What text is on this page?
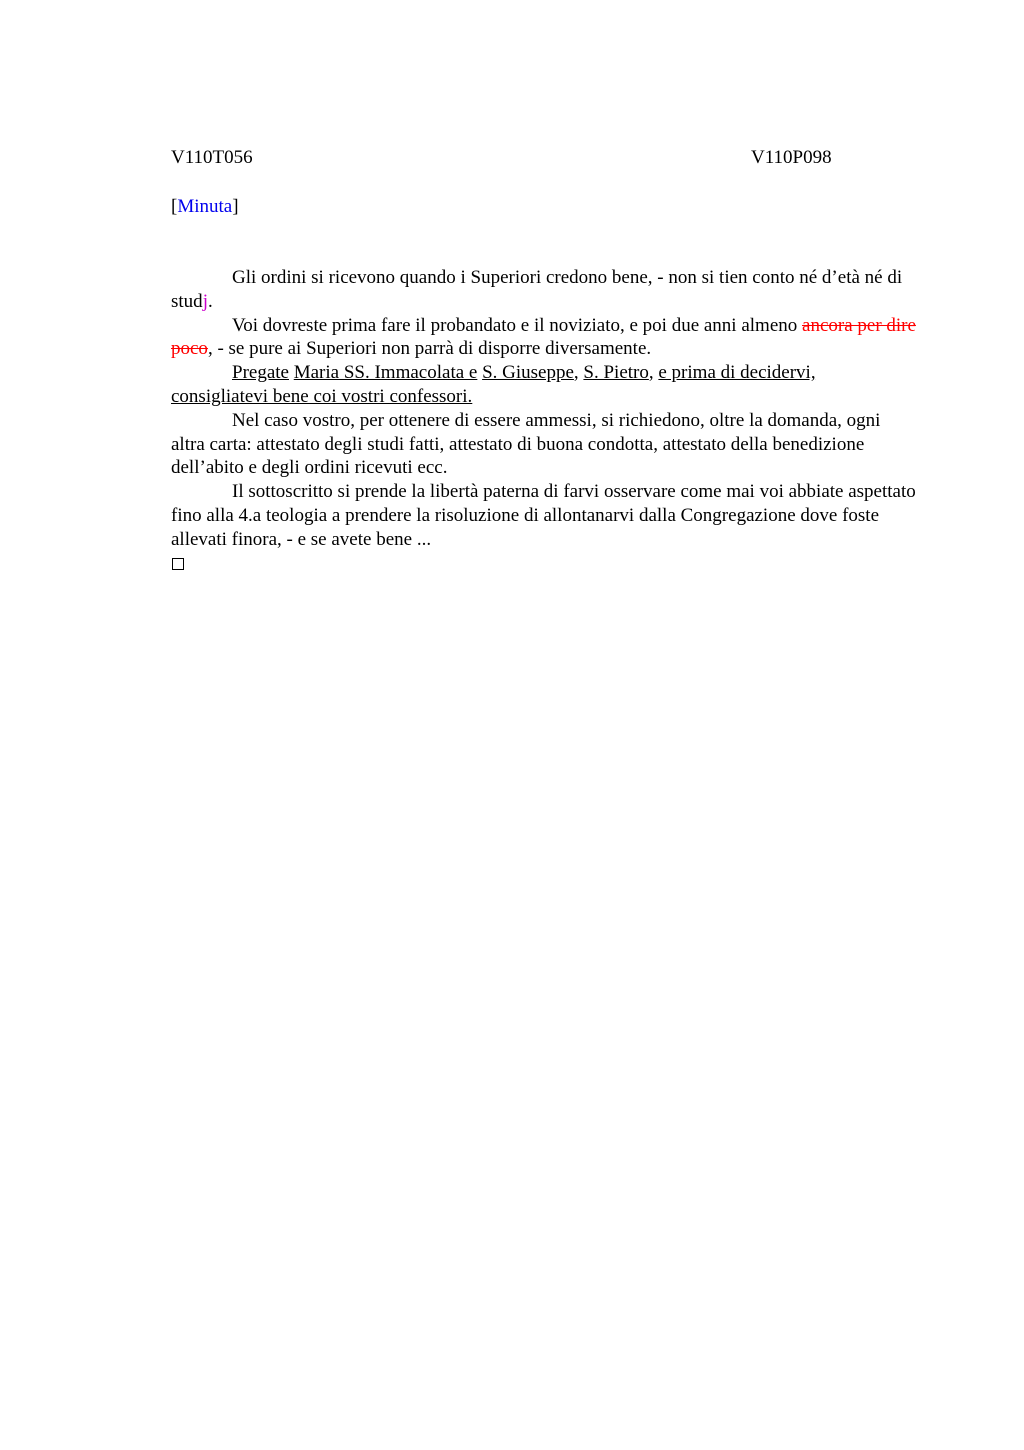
V110T056	V110P098
[Minuta]

Gli ordini si ricevono quando i Superiori credono bene, - non si tien conto né d’età né di studj.

Voi dovreste prima fare il probandato e il noviziato, e poi due anni almeno ancora per dire poco, - se pure ai Superiori non parrà di disporre diversamente.

Pregate Maria SS. Immacolata e S. Giuseppe, S. Pietro, e prima di decidervi, consigliatevi bene coi vostri confessori.

Nel caso vostro, per ottenere di essere ammessi, si richiedono, oltre la domanda, ogni altra carta: attestato degli studi fatti, attestato di buona condotta, attestato della benedizione dell’abito e degli ordini ricevuti ecc.

Il sottoscritto si prende la libertà paterna di farvi osservare come mai voi abbiate aspettato fino alla 4.a teologia a prendere la risoluzione di allontanarvi dalla Congregazione dove foste allevati finora, - e se avete bene ...
